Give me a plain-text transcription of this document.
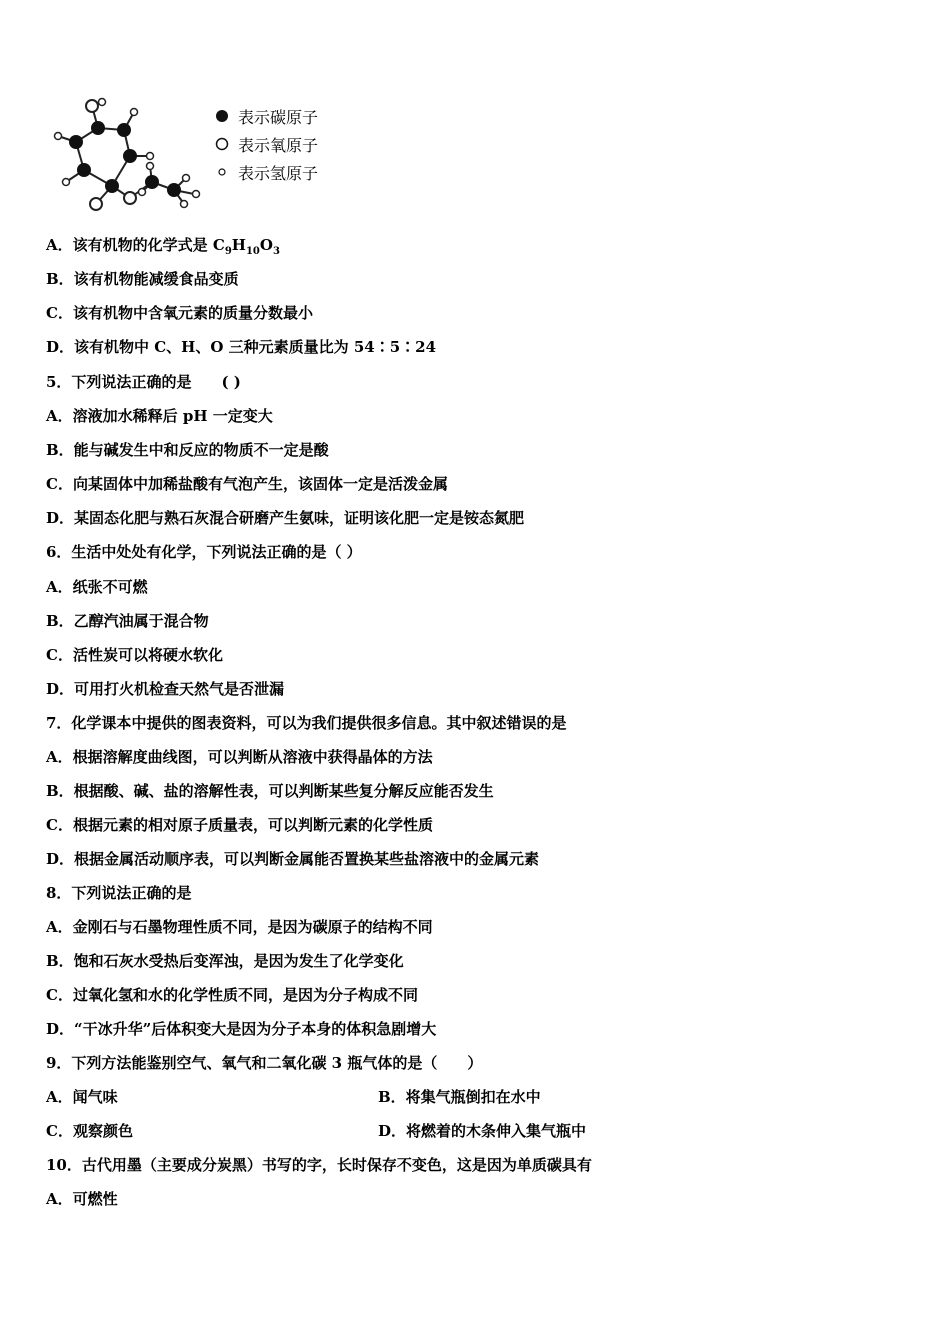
表示碳原子
表示氧原子
表示氢原子
A．该有机物的化学式是 $C_9H_{10}O_3$
B．该有机物能减缓食品变质
C．该有机物中含氧元素的质量分数最小
D．该有机物中 C、H、O 三种元素质量比为 54∶5∶24
5．下列说法正确的是　　( )
A．溶液加水稀释后 pH 一定变大
B．能与碱发生中和反应的物质不一定是酸
C．向某固体中加稀盐酸有气泡产生，该固体一定是活泼金属
D．某固态化肥与熟石灰混合研磨产生氨味，证明该化肥一定是铵态氮肥
6．生活中处处有化学，下列说法正确的是（ ）
A．纸张不可燃
B．乙醇汽油属于混合物
C．活性炭可以将硬水软化
D．可用打火机检查天然气是否泄漏
7．化学课本中提供的图表资料，可以为我们提供很多信息。其中叙述错误的是
A．根据溶解度曲线图，可以判断从溶液中获得晶体的方法
B．根据酸、碱、盐的溶解性表，可以判断某些复分解反应能否发生
C．根据元素的相对原子质量表，可以判断元素的化学性质
D．根据金属活动顺序表，可以判断金属能否置换某些盐溶液中的金属元素
8．下列说法正确的是
A．金刚石与石墨物理性质不同，是因为碳原子的结构不同
B．饱和石灰水受热后变浑浊，是因为发生了化学变化
C．过氧化氢和水的化学性质不同，是因为分子构成不同
D．“干冰升华”后体积变大是因为分子本身的体积急剧增大
9．下列方法能鉴别空气、氧气和二氧化碳 3 瓶气体的是（　　）
A．闻气味	B．将集气瓶倒扣在水中
C．观察颜色	D．将燃着的木条伸入集气瓶中
10．古代用墨（主要成分炭黑）书写的字，长时保存不变色，这是因为单质碳具有
A．可燃性
